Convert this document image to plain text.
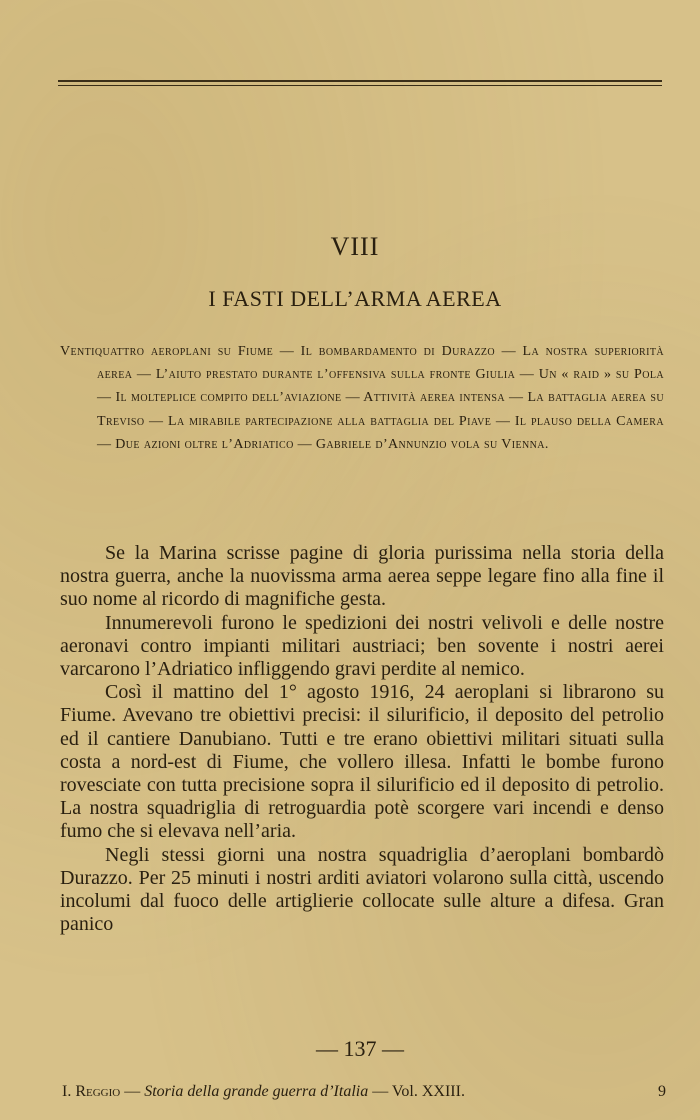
VIII
I FASTI DELL’ARMA AEREA
Ventiquattro aeroplani su Fiume — Il bombardamento di Durazzo — La nostra superiorità aerea — L’aiuto prestato durante l’offensiva sulla fronte Giulia — Un « raid » su Pola — Il molteplice compito dell’aviazione — Attività aerea intensa — La battaglia aerea su Treviso — La mirabile partecipazione alla battaglia del Piave — Il plauso della Camera — Due azioni oltre l’Adriatico — Gabriele d’Annunzio vola su Vienna.

Se la Marina scrisse pagine di gloria purissima nella storia della nostra guerra, anche la nuovissma arma aerea seppe legare fino alla fine il suo nome al ricordo di magnifiche gesta.

Innumerevoli furono le spedizioni dei nostri velivoli e delle nostre aeronavi contro impianti militari austriaci; ben sovente i nostri aerei varcarono l’Adriatico infliggendo gravi perdite al nemico.

Così il mattino del 1° agosto 1916, 24 aeroplani si librarono su Fiume. Avevano tre obiettivi precisi: il silurificio, il deposito del petrolio ed il cantiere Danubiano. Tutti e tre erano obiettivi militari situati sulla costa a nord-est di Fiume, che vollero illesa. Infatti le bombe furono rovesciate con tutta precisione sopra il silurificio ed il deposito di petrolio. La nostra squadriglia di retroguardia potè scorgere vari incendi e denso fumo che si elevava nell’aria.

Negli stessi giorni una nostra squadriglia d’aeroplani bombardò Durazzo. Per 25 minuti i nostri arditi aviatori volarono sulla città, uscendo incolumi dal fuoco delle artiglierie collocate sulle alture a difesa. Gran panico

— 137 —
I. Reggio — Storia della grande guerra d’Italia — Vol. XXIII.	9
